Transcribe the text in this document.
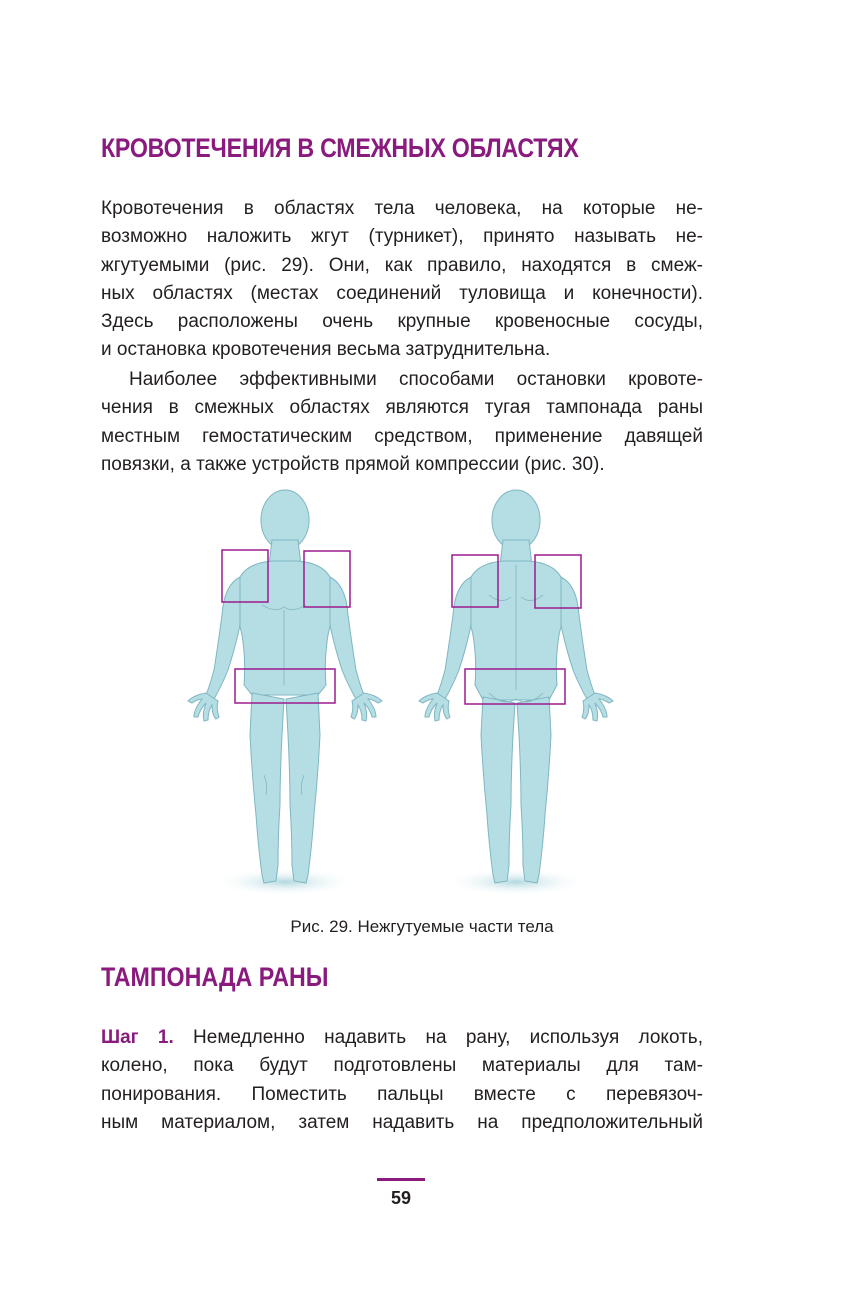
КРОВОТЕЧЕНИЯ В СМЕЖНЫХ ОБЛАСТЯХ
Кровотечения в областях тела человека, на которые не-
возможно наложить жгут (турникет), принято называть не-
жгутуемыми (рис. 29). Они, как правило, находятся в смеж-
ных областях (местах соединений туловища и конечности).
Здесь расположены очень крупные кровеносные сосуды,
и остановка кровотечения весьма затруднительна.
Наиболее эффективными способами остановки кровоте-
чения в смежных областях являются тугая тампонада раны
местным гемостатическим средством, применение давящей
повязки, а также устройств прямой компрессии (рис. 30).
Рис. 29. Нежгутуемые части тела
ТАМПОНАДА РАНЫ
Шаг 1. Немедленно надавить на рану, используя локоть,
колено, пока будут подготовлены материалы для там-
понирования. Поместить пальцы вместе с перевязоч-
ным материалом, затем надавить на предположительный
59
